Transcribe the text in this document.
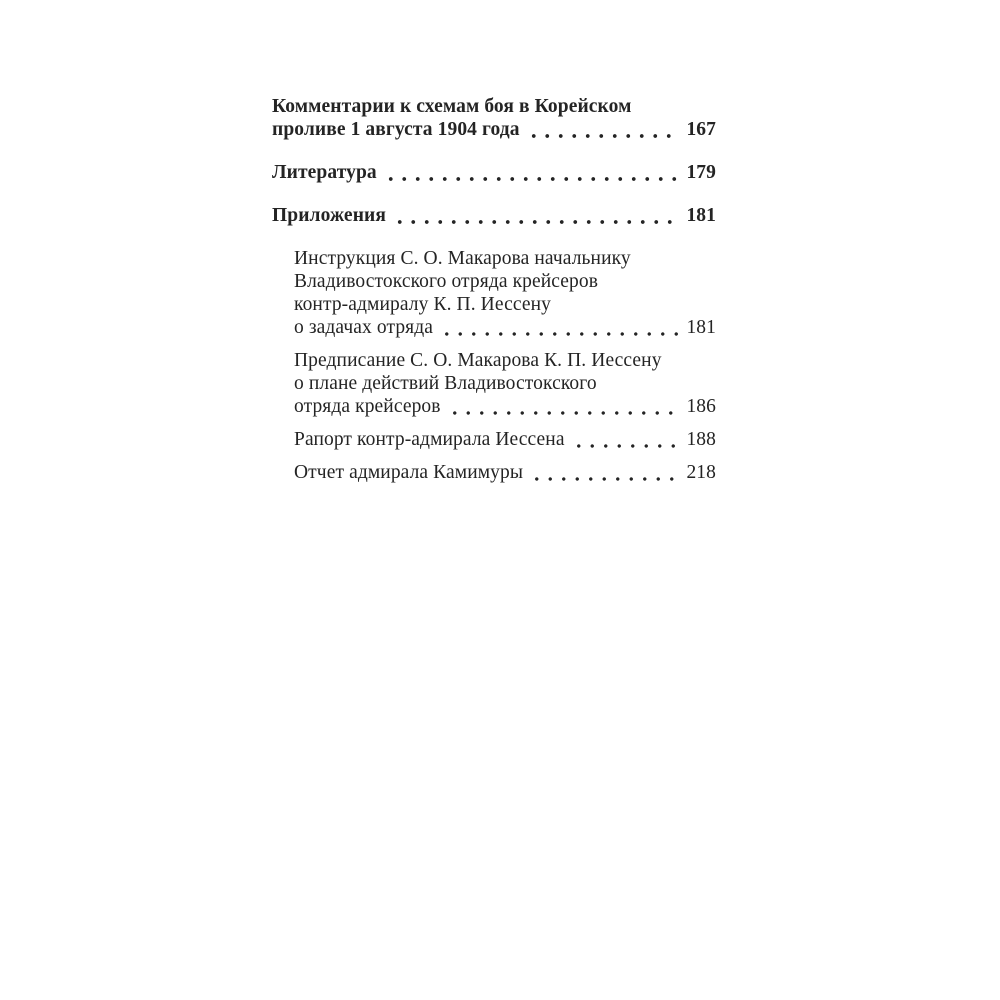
Комментарии к схемам боя в Корейском
проливе 1 августа 1904 года	167
Литература	179
Приложения	181
Инструкция С. О. Макарова начальнику
Владивостокского отряда крейсеров
контр-адмиралу К. П. Иессену
о задачах отряда	181
Предписание С. О. Макарова К. П. Иессену
о плане действий Владивостокского
отряда крейсеров	186
Рапорт контр-адмирала Иессена	188
Отчет адмирала Камимуры	218
